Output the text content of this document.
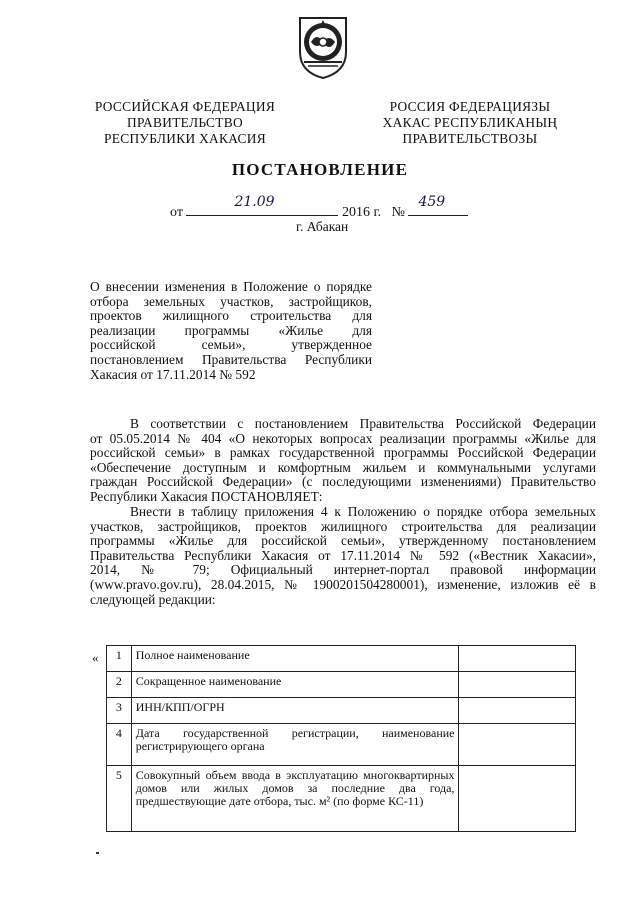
РОССИЙСКАЯ ФЕДЕРАЦИЯ
ПРАВИТЕЛЬСТВО
РЕСПУБЛИКИ ХАКАСИЯ
РОССИЯ ФЕДЕРАЦИЯЗЫ
ХАКАС РЕСПУБЛИКАНЫҢ
ПРАВИТЕЛЬСТВОЗЫ
ПОСТАНОВЛЕНИЕ
от
21.09
2016 г. №
459
г. Абакан
О внесении изменения в Положение о порядке
отбора земельных участков, застройщиков,
проектов жилищного строительства для
реализации программы «Жилье для
российской семьи», утвержденное
постановлением Правительства Республики
Хакасия от 17.11.2014 № 592
В соответствии с постановлением Правительства Российской Федерации
от 05.05.2014 № 404 «О некоторых вопросах реализации программы «Жилье для
российской семьи» в рамках государственной программы Российской Федерации
«Обеспечение доступным и комфортным жильем и коммунальными услугами
граждан Российской Федерации» (с последующими изменениями) Правительство
Республики Хакасия ПОСТАНОВЛЯЕТ:
Внести в таблицу приложения 4 к Положению о порядке отбора земельных
участков, застройщиков, проектов жилищного строительства для реализации
программы «Жилье для российской семьи», утвержденному постановлением
Правительства Республики Хакасия от 17.11.2014 № 592 («Вестник Хакасии»,
2014, № 79; Официальный интернет-портал правовой информации
(www.pravo.gov.ru), 28.04.2015, № 1900201504280001), изменение, изложив её в
следующей редакции:
« 1	Полное наименование	
2	Сокращенное наименование	
3	ИНН/КПП/ОГРН	
4	Дата государственной регистрации, наименование регистрирующего органа	
5	Совокупный объем ввода в эксплуатацию многоквартирных домов или жилых домов за последние два года, предшествующие дате отбора, тыс. м² (по форме КС-11)	
